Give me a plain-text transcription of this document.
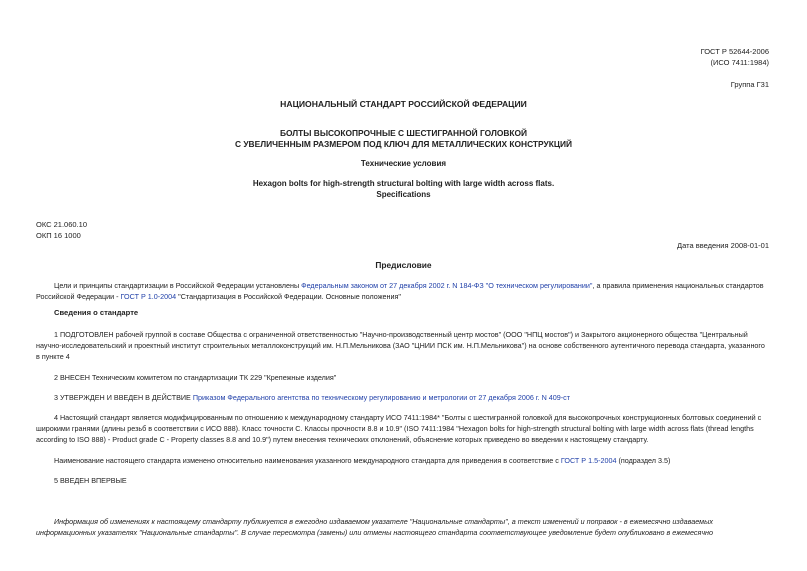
ГОСТ Р 52644-2006
(ИСО 7411:1984)
Группа Г31
НАЦИОНАЛЬНЫЙ СТАНДАРТ РОССИЙСКОЙ ФЕДЕРАЦИИ
БОЛТЫ ВЫСОКОПРОЧНЫЕ С ШЕСТИГРАННОЙ ГОЛОВКОЙ
С УВЕЛИЧЕННЫМ РАЗМЕРОМ ПОД КЛЮЧ ДЛЯ МЕТАЛЛИЧЕСКИХ КОНСТРУКЦИЙ
Технические условия
Hexagon bolts for high-strength structural bolting with large width across flats.
Specifications
ОКС 21.060.10
ОКП 16 1000
Дата введения 2008-01-01
Предисловие
Цели и принципы стандартизации в Российской Федерации установлены Федеральным законом от 27 декабря 2002 г. N 184-ФЗ "О техническом регулировании", а правила применения национальных стандартов
Российской Федерации - ГОСТ Р 1.0-2004 "Стандартизация в Российской Федерации. Основные положения"
Сведения о стандарте
1 ПОДГОТОВЛЕН рабочей группой в составе Общества с ограниченной ответственностью "Научно-производственный центр мостов" (ООО "НПЦ мостов") и Закрытого акционерного общества "Центральный
научно-исследовательский и проектный институт строительных металлоконструкций им. Н.П.Мельникова (ЗАО "ЦНИИ ПСК им. Н.П.Мельникова") на основе собственного аутентичного перевода стандарта, указанного
в пункте 4
2 ВНЕСЕН Техническим комитетом по стандартизации ТК 229 "Крепежные изделия"
3 УТВЕРЖДЕН И ВВЕДЕН В ДЕЙСТВИЕ Приказом Федерального агентства по техническому регулированию и метрологии от 27 декабря 2006 г. N 409-ст
4 Настоящий стандарт является модифицированным по отношению к международному стандарту ИСО 7411:1984* "Болты с шестигранной головкой для высокопрочных конструкционных болтовых соединений с
широкими гранями (длины резьб в соответствии с ИСО 888). Класс точности С. Классы прочности 8.8 и 10.9" (ISO 7411:1984 "Hexagon bolts for high-strength structural bolting with large width across flats (thread lengths
according to ISO 888) - Product grade C - Property classes 8.8 and 10.9") путем внесения технических отклонений, объяснение которых приведено во введении к настоящему стандарту.
Наименование настоящего стандарта изменено относительно наименования указанного международного стандарта для приведения в соответствие с ГОСТ Р 1.5-2004 (подраздел 3.5)
5 ВВЕДЕН ВПЕРВЫЕ
Информация об изменениях к настоящему стандарту публикуется в ежегодно издаваемом указателе "Национальные стандарты", а текст изменений и поправок - в ежемесячно издаваемых
информационных указателях "Национальные стандарты". В случае пересмотра (замены) или отмены настоящего стандарта соответствующее уведомление будет опубликовано в ежемесячно
